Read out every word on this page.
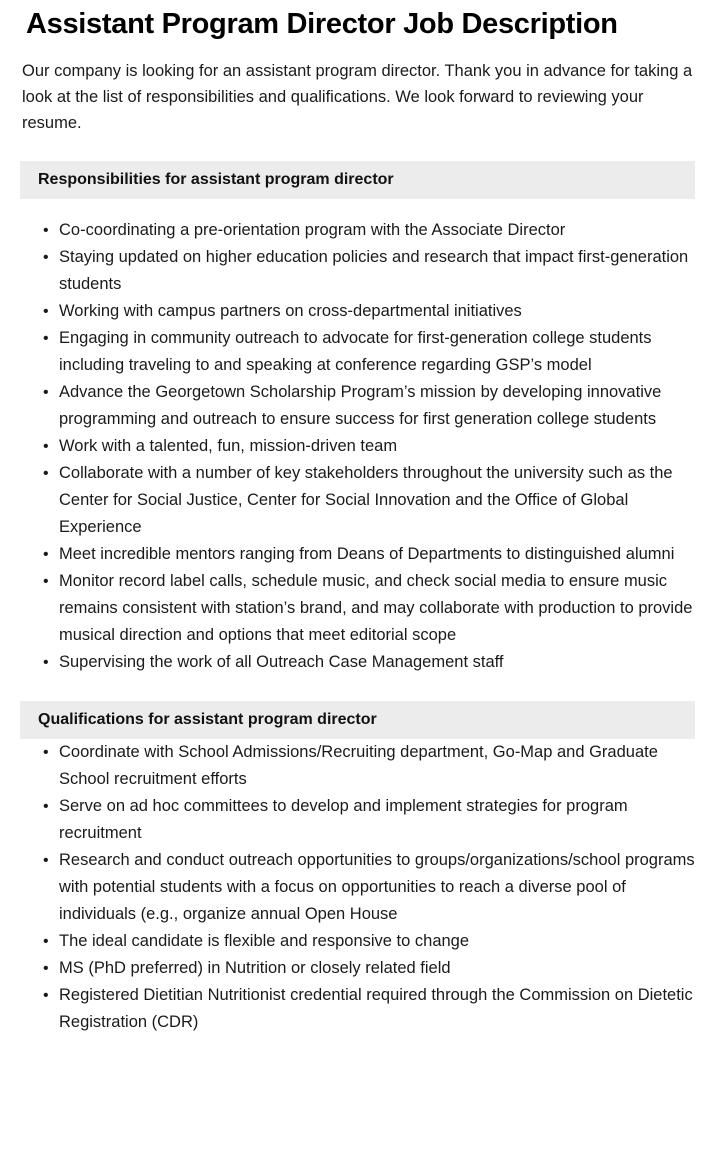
Assistant Program Director Job Description

Our company is looking for an assistant program director. Thank you in advance for taking a look at the list of responsibilities and qualifications. We look forward to reviewing your resume.

Responsibilities for assistant program director
• Co-coordinating a pre-orientation program with the Associate Director
• Staying updated on higher education policies and research that impact first-generation students
• Working with campus partners on cross-departmental initiatives
• Engaging in community outreach to advocate for first-generation college students including traveling to and speaking at conference regarding GSP’s model
• Advance the Georgetown Scholarship Program’s mission by developing innovative programming and outreach to ensure success for first generation college students
• Work with a talented, fun, mission-driven team
• Collaborate with a number of key stakeholders throughout the university such as the Center for Social Justice, Center for Social Innovation and the Office of Global Experience
• Meet incredible mentors ranging from Deans of Departments to distinguished alumni
• Monitor record label calls, schedule music, and check social media to ensure music remains consistent with station’s brand, and may collaborate with production to provide musical direction and options that meet editorial scope
• Supervising the work of all Outreach Case Management staff
Qualifications for assistant program director
• Coordinate with School Admissions/Recruiting department, Go-Map and Graduate School recruitment efforts
• Serve on ad hoc committees to develop and implement strategies for program recruitment
• Research and conduct outreach opportunities to groups/organizations/school programs with potential students with a focus on opportunities to reach a diverse pool of individuals (e.g., organize annual Open House
• The ideal candidate is flexible and responsive to change
• MS (PhD preferred) in Nutrition or closely related field
• Registered Dietitian Nutritionist credential required through the Commission on Dietetic Registration (CDR)
